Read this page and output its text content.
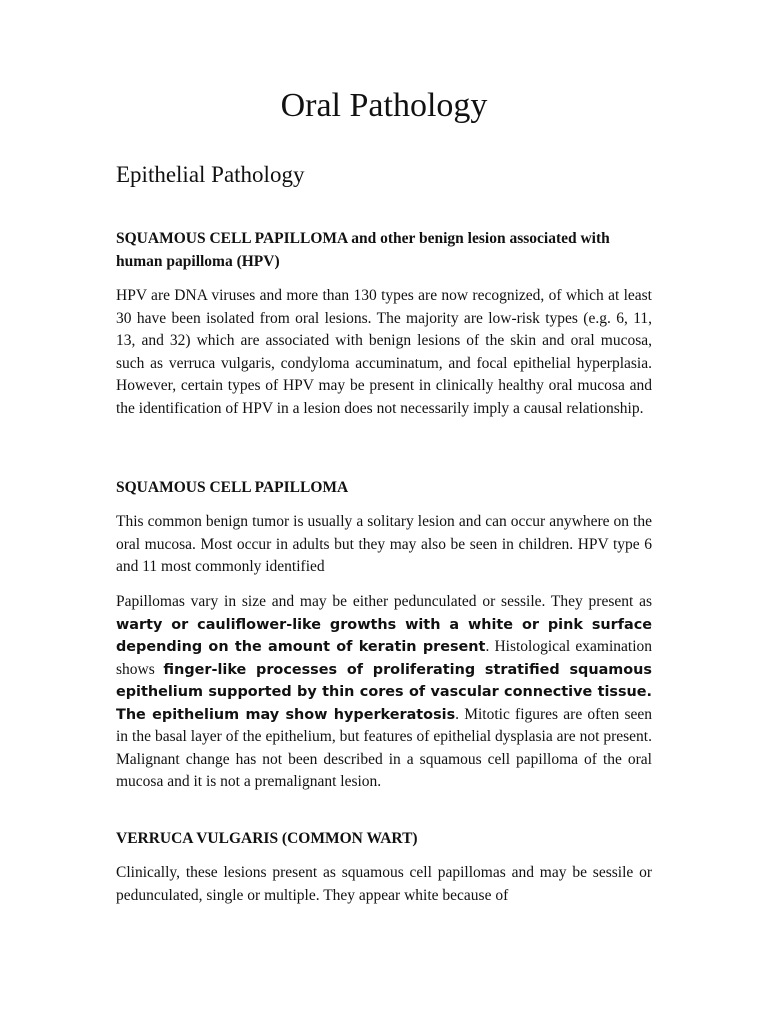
Oral Pathology
Epithelial Pathology

SQUAMOUS CELL PAPILLOMA and other benign lesion associated with human papilloma (HPV)

HPV are DNA viruses and more than 130 types are now recognized, of which at least 30 have been isolated from oral lesions. The majority are low-risk types (e.g. 6, 11, 13, and 32) which are associated with benign lesions of the skin and oral mucosa, such as verruca vulgaris, condyloma accuminatum, and focal epithelial hyperplasia. However, certain types of HPV may be present in clinically healthy oral mucosa and the identification of HPV in a lesion does not necessarily imply a causal relationship.

SQUAMOUS CELL PAPILLOMA

This common benign tumor is usually a solitary lesion and can occur anywhere on the oral mucosa. Most occur in adults but they may also be seen in children. HPV type 6 and 11 most commonly identified

Papillomas vary in size and may be either pedunculated or sessile. They present as warty or cauliflower-like growths with a white or pink surface depending on the amount of keratin present. Histological examination shows finger-like processes of proliferating stratified squamous epithelium supported by thin cores of vascular connective tissue. The epithelium may show hyperkeratosis. Mitotic figures are often seen in the basal layer of the epithelium, but features of epithelial dysplasia are not present. Malignant change has not been described in a squamous cell papilloma of the oral mucosa and it is not a premalignant lesion.

VERRUCA VULGARIS (COMMON WART)

Clinically, these lesions present as squamous cell papillomas and may be sessile or pedunculated, single or multiple. They appear white because of
